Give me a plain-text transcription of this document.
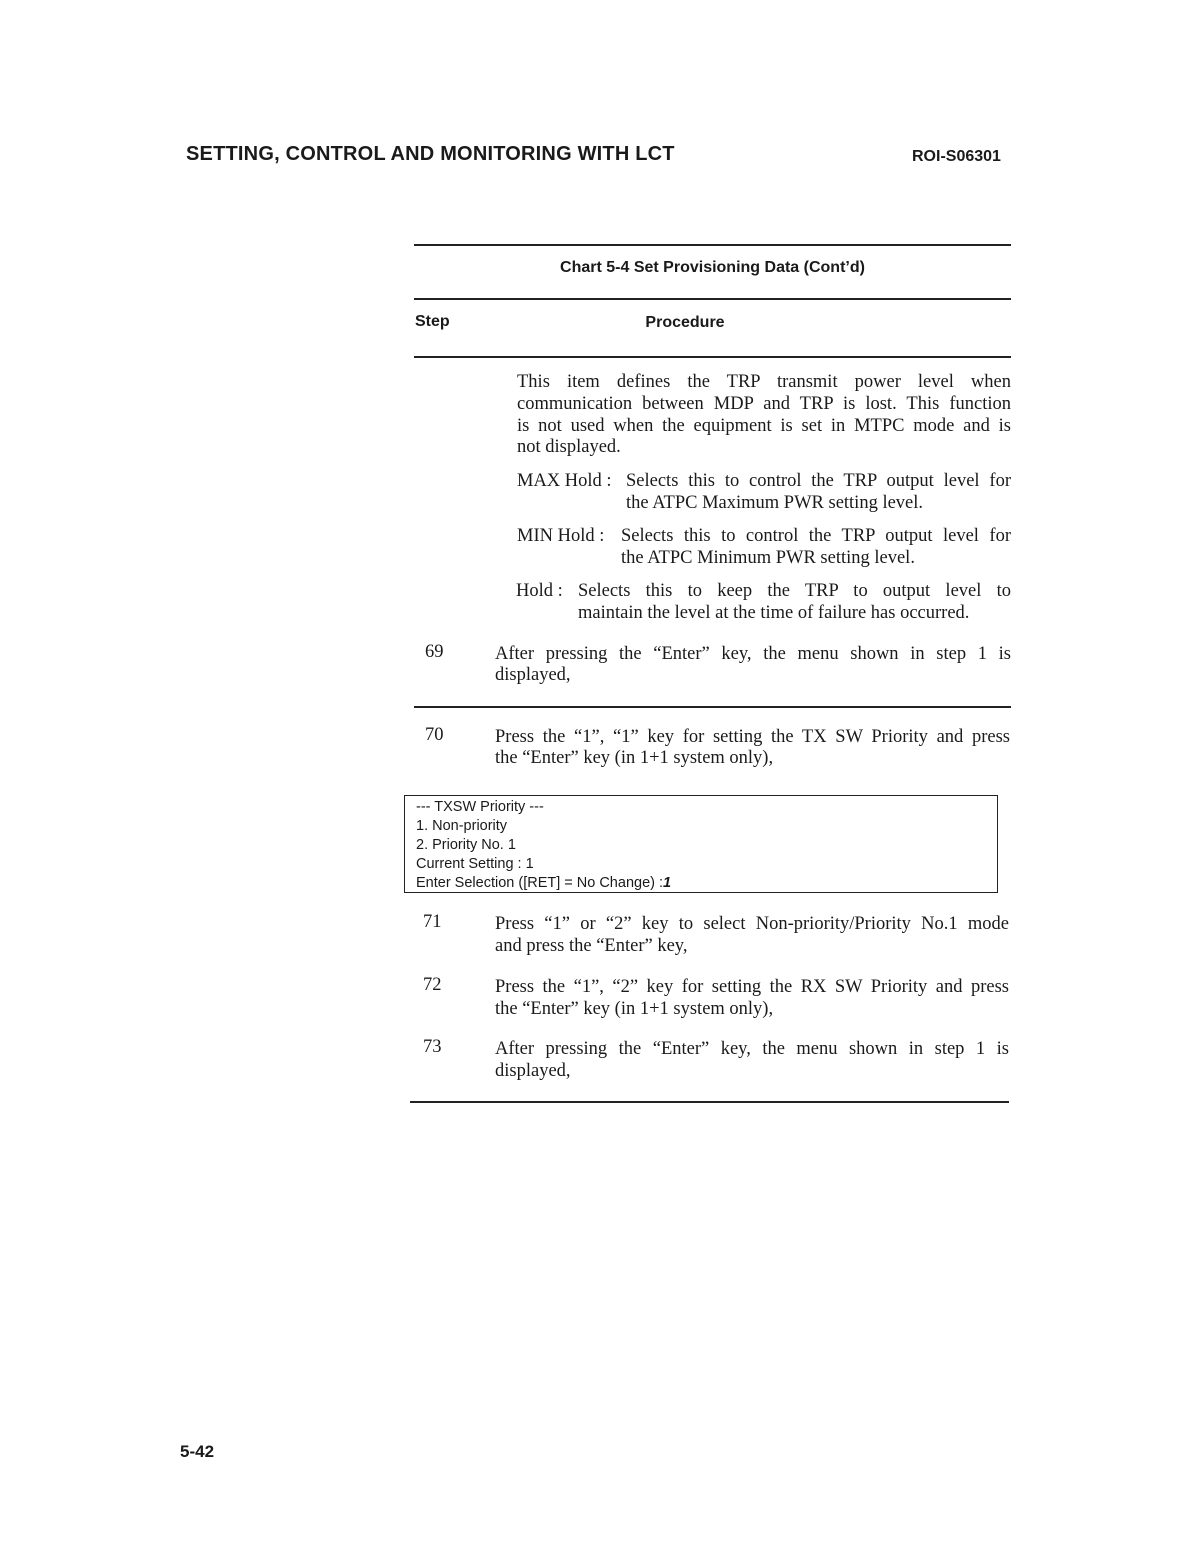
SETTING, CONTROL AND MONITORING WITH LCT	ROI-S06301
Chart 5-4 Set Provisioning Data (Cont’d)
Step	Procedure
This item defines the TRP transmit power level when
communication between MDP and TRP is lost. This function
is not used when the equipment is set in MTPC mode and is
not displayed.
MAX Hold : Selects this to control the TRP output level for
the ATPC Maximum PWR setting level.
MIN Hold : Selects this to control the TRP output level for
the ATPC Minimum PWR setting level.
Hold : Selects this to keep the TRP to output level to
maintain the level at the time of failure has occurred.
69	After pressing the “Enter” key, the menu shown in step 1 is
displayed,
70	Press the “1”, “1” key for setting the TX SW Priority and press
the “Enter” key (in 1+1 system only),
--- TXSW Priority ---
1. Non-priority
2. Priority No. 1
Current Setting : 1
Enter Selection ([RET] = No Change) :1
71	Press “1” or “2” key to select Non-priority/Priority No.1 mode
and press the “Enter” key,
72	Press the “1”, “2” key for setting the RX SW Priority and press
the “Enter” key (in 1+1 system only),
73	After pressing the “Enter” key, the menu shown in step 1 is
displayed,
5-42
